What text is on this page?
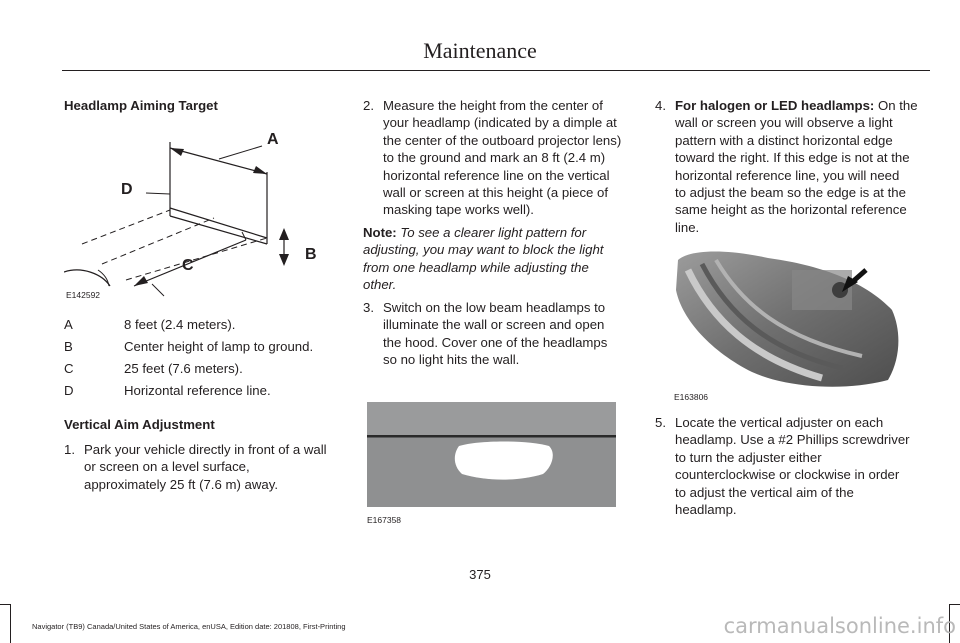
Maintenance
Headlamp Aiming Target
A
B
C
D
E142592
A	8 feet (2.4 meters).
B	Center height of lamp to ground.
C	25 feet (7.6 meters).
D	Horizontal reference line.
Vertical Aim Adjustment
1. Park your vehicle directly in front of a wall
or screen on a level surface,
approximately 25 ft (7.6 m) away.
2. Measure the height from the center of
your headlamp (indicated by a dimple at
the center of the outboard projector lens)
to the ground and mark an 8 ft (2.4 m)
horizontal reference line on the vertical
wall or screen at this height (a piece of
masking tape works well).
Note: To see a clearer light pattern for
adjusting, you may want to block the light
from one headlamp while adjusting the
other.
3. Switch on the low beam headlamps to
illuminate the wall or screen and open
the hood. Cover one of the headlamps
so no light hits the wall.
E167358
4. For halogen or LED headlamps: On the
wall or screen you will observe a light
pattern with a distinct horizontal edge
toward the right. If this edge is not at the
horizontal reference line, you will need
to adjust the beam so the edge is at the
same height as the horizontal reference
line.
E163806
5. Locate the vertical adjuster on each
headlamp. Use a #2 Phillips screwdriver
to turn the adjuster either
counterclockwise or clockwise in order
to adjust the vertical aim of the
headlamp.
375
Navigator (TB9) Canada/United States of America, enUSA, Edition date: 201808, First-Printing	carmanualsonline.info
